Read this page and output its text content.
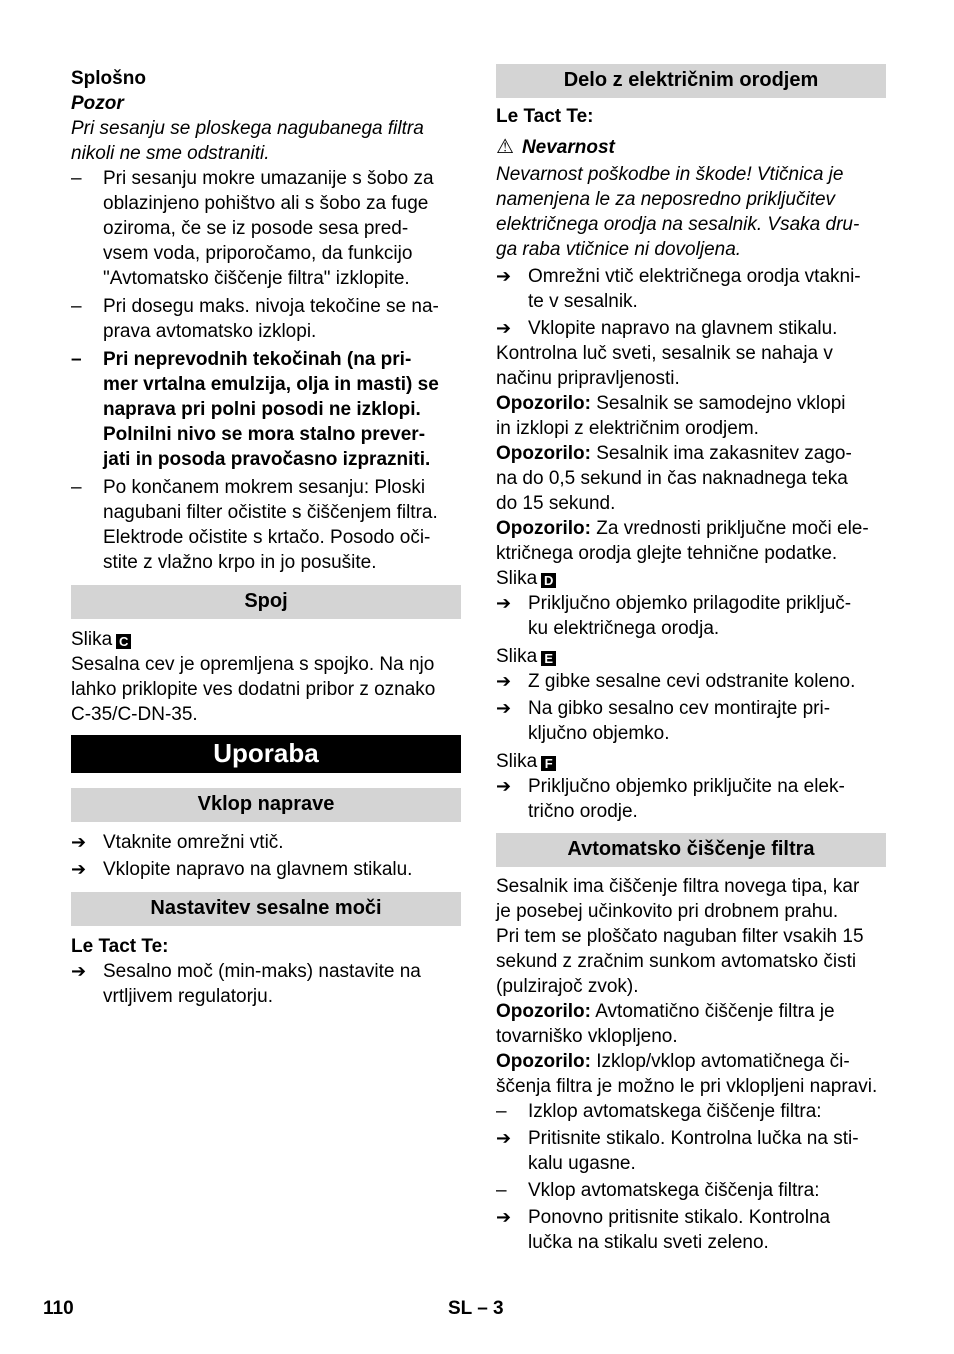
Splošno

Pozor

Pri sesanju se ploskega nagubanega filtra
nikoli ne sme odstraniti.

– Pri sesanju mokre umazanije s šobo za
oblazinjeno pohištvo ali s šobo za fuge
oziroma, če se iz posode sesa pred-
vsem voda, priporočamo, da funkcijo
"Avtomatsko čiščenje filtra" izklopite.
– Pri dosegu maks. nivoja tekočine se na-
prava avtomatsko izklopi.
– Pri neprevodnih tekočinah (na pri-
mer vrtalna emulzija, olja in masti) se
naprava pri polni posodi ne izklopi.
Polnilni nivo se mora stalno prever-
jati in posoda pravočasno izprazniti.
– Po končanem mokrem sesanju: Ploski
nagubani filter očistite s čiščenjem filtra.
Elektrode očistite s krtačo. Posodo oči-
stite z vlažno krpo in jo posušite.
Spoj

Slika C

Sesalna cev je opremljena s spojko. Na njo
lahko priklopite ves dodatni pribor z oznako
C-35/C-DN-35.

Uporaba
Vklop naprave
➔ Vtaknite omrežni vtič.
➔ Vklopite napravo na glavnem stikalu.
Nastavitev sesalne moči

Le Tact Te:

➔ Sesalno moč (min-maks) nastavite na
vrtljivem regulatorju.
Delo z električnim orodjem

Le Tact Te:

⚠ Nevarnost

Nevarnost poškodbe in škode! Vtičnica je
namenjena le za neposredno priključitev
električnega orodja na sesalnik. Vsaka dru-
ga raba vtičnice ni dovoljena.

➔ Omrežni vtič električnega orodja vtakni-
te v sesalnik.
➔ Vklopite napravo na glavnem stikalu.

Kontrolna luč sveti, sesalnik se nahaja v
načinu pripravljenosti.

Opozorilo: Sesalnik se samodejno vklopi
in izklopi z električnim orodjem.

Opozorilo: Sesalnik ima zakasnitev zago-
na do 0,5 sekund in čas naknadnega teka
do 15 sekund.

Opozorilo: Za vrednosti priključne moči ele-
ktričnega orodja glejte tehnične podatke.

Slika D

➔ Priključno objemko prilagodite priključ-
ku električnega orodja.

Slika E

➔ Z gibke sesalne cevi odstranite koleno.
➔ Na gibko sesalno cev montirajte pri-
ključno objemko.

Slika F

➔ Priključno objemko priključite na elek-
trično orodje.
Avtomatsko čiščenje filtra

Sesalnik ima čiščenje filtra novega tipa, kar
je posebej učinkovito pri drobnem prahu.
Pri tem se ploščato naguban filter vsakih 15
sekund z zračnim sunkom avtomatsko čisti
(pulzirajoč zvok).

Opozorilo: Avtomatično čiščenje filtra je
tovarniško vklopljeno.

Opozorilo: Izklop/vklop avtomatičnega či-
ščenja filtra je možno le pri vklopljeni napravi.

– Izklop avtomatskega čiščenje filtra:
➔ Pritisnite stikalo. Kontrolna lučka na sti-
kalu ugasne.
– Vklop avtomatskega čiščenja filtra:
➔ Ponovno pritisnite stikalo. Kontrolna
lučka na stikalu sveti zeleno.
110	SL – 3
